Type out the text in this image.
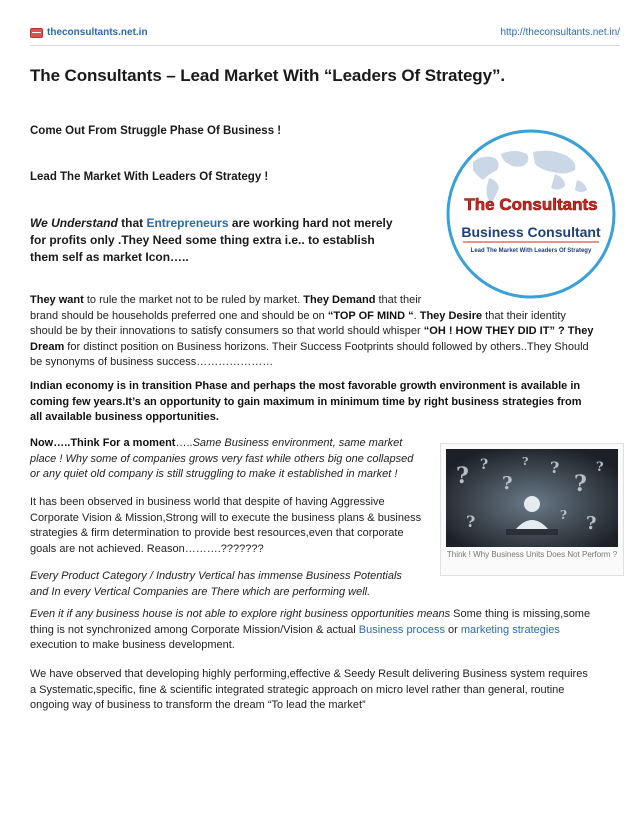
theconsultants.net.in	http://theconsultants.net.in/
The Consultants – Lead Market With “Leaders Of Strategy”.

Come Out From Struggle Phase Of Business !

Lead The Market With Leaders Of Strategy !

The Consultants
Business Consultant
Lead The Market With Leaders Of Strategy

We Understand that Entrepreneurs are working hard not merely
for profits only .They Need some thing extra i.e.. to establish
them self as market Icon…..

They want to rule the market not to be ruled by market. They Demand that their
brand should be households preferred one and should be on “TOP OF MIND “. They Desire that their identity
should be by their innovations to satisfy consumers so that world should whisper “OH ! HOW THEY DID IT” ? They
Dream for distinct position on Business horizons. Their Success Footprints should followed by others..They Should
be synonyms of business success…………………

Indian economy is in transition Phase and perhaps the most favorable growth environment is available in
coming few years.It’s an opportunity to gain maximum in minimum time by right business strategies from
all available business opportunities.

Now…..Think For a moment…..Same Business environment, same market
place ! Why some of companies grows very fast while others big one collapsed
or any quiet old company is still struggling to make it established in market !

It has been observed in business world that despite of having Aggressive
Corporate Vision & Mission,Strong will to execute the business plans & business
strategies & firm determination to provide best resources,even that corporate
goals are not achieved. Reason……….???????

Every Product Category / Industry Vertical has immense Business Potentials
and In every Vertical Companies are There which are performing well.

? ?
?
?
?
?
?	?
?
?
Think ! Why Business Units Does Not Perform ?

Even it if any business house is not able to explore right business opportunities means Some thing is missing,some
thing is not synchronized among Corporate Mission/Vision & actual Business process or marketing strategies
execution to make business development.

We have observed that developing highly performing,effective & Seedy Result delivering Business system requires
a Systematic,specific, fine & scientific integrated strategic approach on micro level rather than general, routine
ongoing way of business to transform the dream “To lead the market”
